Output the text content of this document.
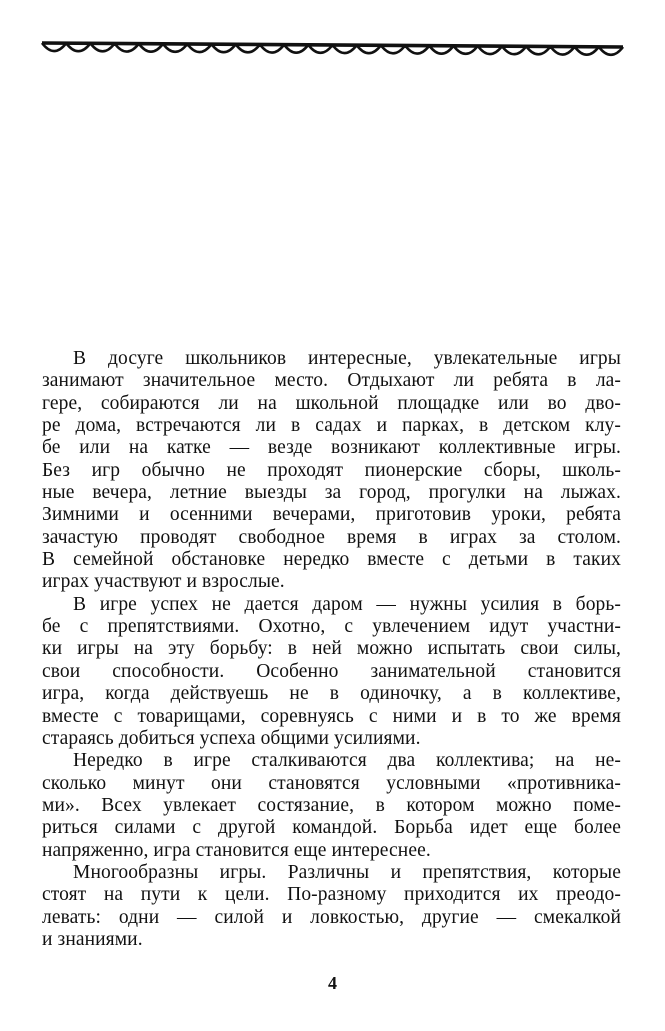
В досуге школьников интересные, увлекательные игры
занимают значительное место. Отдыхают ли ребята в ла-
гере, собираются ли на школьной площадке или во дво-
ре дома, встречаются ли в садах и парках, в детском клу-
бе или на катке — везде возникают коллективные игры.
Без игр обычно не проходят пионерские сборы, школь-
ные вечера, летние выезды за город, прогулки на лыжах.
Зимними и осенними вечерами, приготовив уроки, ребята
зачастую проводят свободное время в играх за столом.
В семейной обстановке нередко вместе с детьми в таких
играх участвуют и взрослые.
В игре успех не дается даром — нужны усилия в борь-
бе с препятствиями. Охотно, с увлечением идут участни-
ки игры на эту борьбу: в ней можно испытать свои силы,
свои способности. Особенно занимательной становится
игра, когда действуешь не в одиночку, а в коллективе,
вместе с товарищами, соревнуясь с ними и в то же время
стараясь добиться успеха общими усилиями.
Нередко в игре сталкиваются два коллектива; на не-
сколько минут они становятся условными «противника-
ми». Всех увлекает состязание, в котором можно поме-
риться силами с другой командой. Борьба идет еще более
напряженно, игра становится еще интереснее.
Многообразны игры. Различны и препятствия, которые
стоят на пути к цели. По-разному приходится их преодо-
левать: одни — силой и ловкостью, другие — смекалкой
и знаниями.
4
